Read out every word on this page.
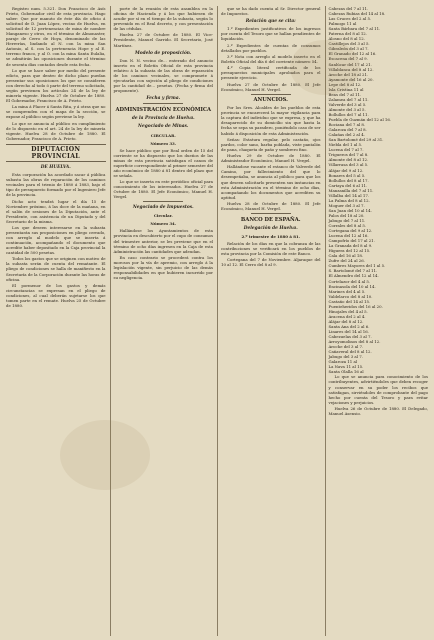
Registro num. 5.321. Don Francisco de Asís Prieto, Gobernador civil de esta provincia. Hago saber: Que por manuto de éste día de oficio á solicitud de D. Juan López, vecino de Huelva, en solicitud de 12 pertenencias de mina de nombre Manganeso y otros, en el término de Almonaster, paraje de Cerro de Hoya, denominado de las Herrerías, lindando al N. con la mina San Antonio, al S. con la pertenencia Hope y al E. terreno franco, y al O. con la mina Santa Eulalia, se admitirán las oposiciones durante el término de sesenta días contados desde esta fecha.

Lo que se hace saber por medio del presente edicto, para que dentro de dicho plazo puedan presentar sus oposiciones los que se consideren con derecho al todo ó parte del terreno solicitado, según previenen los artículos 24 de la ley de minería vigente. Huelva 27 de Octubre de 1880. El Gobernador, Francisco de A. Prieto.

La mina á Placer á Santa Rita, y á otras que no se comprenden con el mapa de la sección, se expone al público según previene la ley.

Lo que se anuncia al público en cumplimiento de lo dispuesto en el art. 24 de la ley de minería vigente. Huelva 28 de Octubre de 1880. El Gobernador, Francisco de A. Prieto.

DIPUTACION PROVINCIAL

DE HUELVA.

Esta corporación ha acordado sacar á pública subasta las obras de reparación de los caminos vecinales para el trienio de 1880 á 1883, bajo el tipo de presupuesto formado por el Ingeniero Jefe de la provincia.

Dicho acto tendrá lugar el día 15 de Noviembre próximo, á las doce de la mañana, en el salón de sesiones de la Diputación, ante el Presidente, con asistencia de un Diputado y del Secretario de la misma.

Los que deseen interesarse en la subasta presentarán sus proposiciones en pliego cerrado, con arreglo al modelo que se inserta á continuación, acompañando el documento que acredite haber depositado en la Caja provincial la cantidad de 500 pesetas.

Todos los gastos que se originen con motivo de la subasta serán de cuenta del rematante. El pliego de condiciones se halla de manifiesto en la Secretaría de la Corporación durante las horas de oficina.

El pormenor de los gastos y demás circunstancias se expresan en el pliego de condiciones, al cual deberán sujetarse los que tomen parte en el remate. Huelva 25 de Octubre de 1880.

porte de la reunión de esta asamblea en la oficina de Hacienda y á los que hubiesen de acudir por sí en el tiempo de la subasta, según lo prevenido en el Real decreto, y con presentación de las cédulas.

Huelva 27 de Octubre de 1880. El Vice-Presidente, Manuel Garrido. El Secretario, José Martínez.

Modelo de proposición.

Don N. N. vecino de... enterado del anuncio inserto en el Boletín Oficial de esta provincia relativo á la subasta de las obras de reparación de los caminos vecinales, se compromete á ejecutarlas con sujeción al pliego de condiciones por la cantidad de... pesetas. (Fecha y firma del proponente).

Fecha y firma.

ADMINISTRACIÓN ECONÓMICA

de la Provincia de Huelva.

Negociado de Minas.

CIRCULAR.

Número 33.

Se hace público que por Real orden de 15 del corriente se ha dispuesto que los dueños de las minas de esta provincia satisfagan el canon de superficie correspondiente al primer semestre del año económico de 1880 á 81 dentro del plazo que se señala.

Lo que se inserta en este periódico oficial para conocimiento de los interesados. Huelva 27 de Octubre de 1880. El Jefe Económico, Manuel H. Vergel.

Negociado de Impuestos.

Circular.

Número 34.

Hallándose los Ayuntamientos de esta provincia en descubierto por el cupo de consumos del trimestre anterior, se les previene que en el término de ocho días ingresen en la Caja de esta Administración las cantidades que adeudan.

En caso contrario se procederá contra los morosos por la vía de apremio, con arreglo á la legislación vigente, sin perjuicio de las demás responsabilidades en que hubieren incurrido por su negligencia.

que se ha dado cuenta al Sr. Director general de Impuestos.

Relación que se cita:

1.º Expedientes justificativos de los ingresos por cuenta del Tesoro que se hallan pendientes de liquidación.

2.º Expedientes de cuentas de consumos detallados por pueblos.

3.º Nota con arreglo al modelo inserto en el Boletín Oficial del día 6 del corriente número 54.

4.º Copia literal certificada de los presupuestos municipales aprobados para el presente ejercicio.

Huelva 27 de Octubre de 1880. El Jefe Económico, Manuel H. Vergel.

ANUNCIOS.

Por los Sres. Alcaldes de los pueblos de esta provincia se encarecerá la mayor vigilancia para la captura del individuo que se expresa, y que ha desaparecido de su domicilio sin que hasta la fecha se sepa su paradero, poniéndolo caso de ser habido á disposición de esta Administración.

Señas: Estatura regular, pelo castaño, ojos pardos, color sano, barba poblada, viste pantalón de pana, chaqueta de paño y sombrero fino.

Huelva 29 de Octubre de 1880. El Administrador Económico, Manuel H. Vergel.

Hallándose vacante el estanco de Valverde del Camino, por fallecimiento del que lo desempeñaba, se anuncia al público para que los que deseen solicitarlo presenten sus instancias en esta Administración en el término de ocho días, acompañando los documentos que acrediten su aptitud.

Huelva 28 de Octubre de 1880. El Jefe Económico, Manuel H. Vergel.

BANCO DE ESPAÑA.

Delegación de Huelva.

2.º trimestre de 1880 á 81.

Relación de los días en que la cobranza de las contribuciones se verificará en los pueblos de esta provincia por la Comisión de este Banco.

Cortegana del 7 de Noviembre. Aljaraque del 10 al 12. El Cerro del 8 al 9.

Cabezas del 7 al 11.
Cabezas Rubias del 14 al 18.
Las Cruces del 2 al 5.
Palmogo 11 al
Santa Bárbara del 7 al 11.
Paterna del 8 al 12.
Alosno del 8 al 12.
Castillejos del 3 al 5.
Gibraleón del 3 al 7.
El Granado del 12 al 16.
Escacena del 7 al 9.
Sanlúcar del 17 al 21.
Villablanca del 8 al 12.
Aroche del 18 al 21.
Ayamonte del 16 al 20.
Lepe del 8 al 12.
Isla Cristina 11 al
Beas del 7 al 11.
Zalamea del 7 al 11.
Valverde del 3 al 5.
Almonte del 3 al 5.
Bollullos del 7 al 11.
Puebla de Guzmán del 12 al 16.
Rociana del 7 al 8.
Galaroza del 7 al 8.
Calañas del 2 al 4.
San Bartolomé del 29 al 31.
Niebla del 1 al 5.
Lucena del 7 al 7.
Trigueros del 7 al 8.
Almonte del 8 al 12.
Villarrasa del 3 al 5.
Alájar del 9 al 12.
Bonares del 5 al 5.
Bollullos del 8 al 17.
Cartaya del 6 al 11.
Manzanilla del 7 al 11.
Villalba del 14 al 17.
La Palma del 8 al 12.
Moguer del 3 al 7.
San Juan del 10 al 14.
Palos del 18 al 20.
Jabugo del 7 al 11.
Corrales del 8 al 5.
Cortegana del 9 al 12.
Lucena del 12 al 16.
Campofrío del 17 al 21.
La Granada del 8 al 9.
Higuera del 12 al 15.
Cala del 16 al 18.
Zufre del 24 al 26.
Cumbres Mayores del 1 al 5.
S. Bartolomé del 7 al 11.
El Almendro del 12 al 14.
Cortelazor del 4 al 5.
Encinasola del 10 al 14.
Marines del 4 al 5.
Valdelarco del 8 al 10.
Castaño del 14 al 15.
Fuenteheridos del 16 al 20.
Hinojales del 4 al 5.
Aracena del 2 al 4.
Alájar del 8 al 12.
Santa Ana del 2 al 6.
Linares del 14 al 16.
Cabezuelas del 3 al 7.
Arroyomolinos del 8 al 12.
Aroche del 3 al 7.
Cañaveral del 8 al 12.
Jabugo del 3 al 7.
Galaroza 11 al
La Nava 11 al 15.
Santa Olalla 16 al

Lo que se anuncia para conocimiento de los contribuyentes, advirtiéndoles que deben recoger y conservar en su poder los recibos que satisfagan, sirviéndoles de comprobante del pago hecho por cuenta del Tesoro y para evitar vejaciones y perjuicios.

Huelva 26 de Octubre de 1880. El Delegado, Manuel Asensio.
